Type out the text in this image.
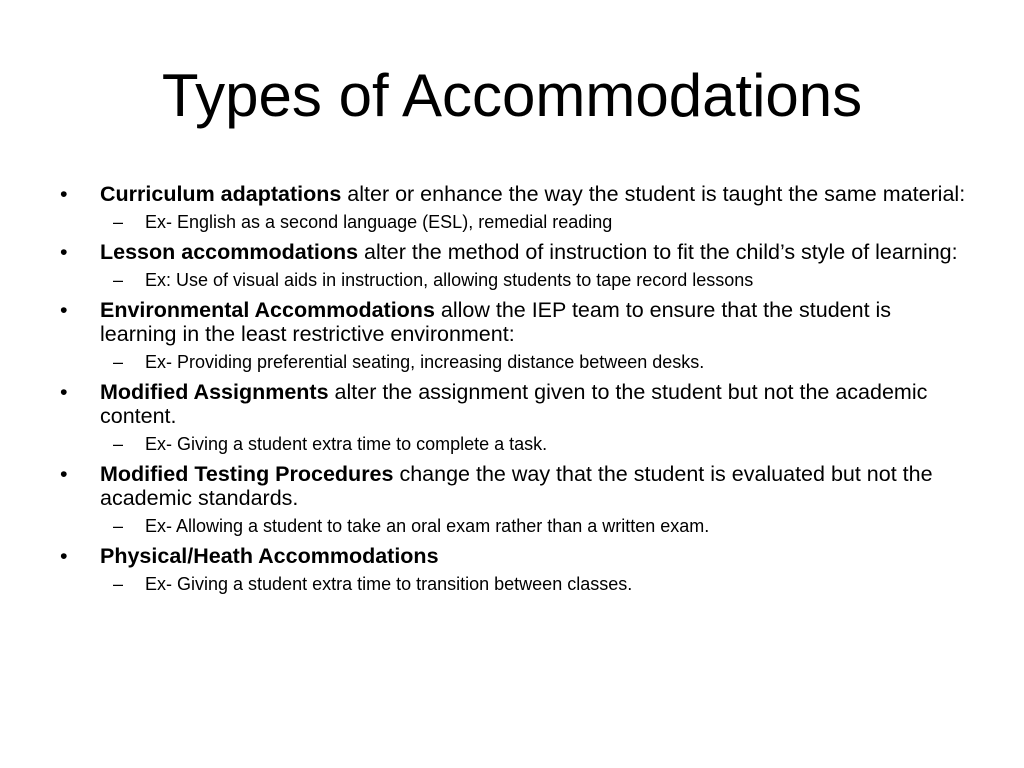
Types of Accommodations
•	Curriculum adaptations alter or enhance the way the student is taught the same material:
– Ex- English as a second language (ESL), remedial reading
•	Lesson accommodations alter the method of instruction to fit the child’s style of learning:
– Ex: Use of visual aids in instruction, allowing students to tape record lessons
•	Environmental Accommodations allow the IEP team to ensure that the student is learning in the least restrictive environment:
– Ex- Providing preferential seating, increasing distance between desks.
•	Modified Assignments alter the assignment given to the student but not the academic content.
– Ex- Giving a student extra time to complete a task.
•	Modified Testing Procedures change the way that the student is evaluated but not the academic standards.
– Ex- Allowing a student to take an oral exam rather than a written exam.
•	Physical/Heath Accommodations
– Ex- Giving a student extra time to transition between classes.
